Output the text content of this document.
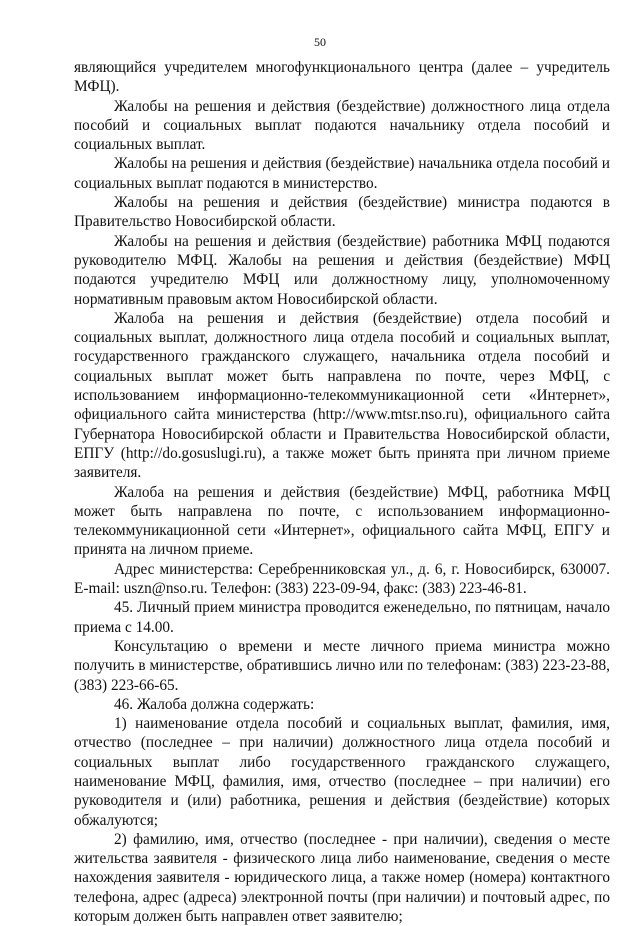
50

являющийся учредителем многофункционального центра (далее – учредитель МФЦ).

Жалобы на решения и действия (бездействие) должностного лица отдела пособий и социальных выплат подаются начальнику отдела пособий и социальных выплат.

Жалобы на решения и действия (бездействие) начальника отдела пособий и социальных выплат подаются в министерство.

Жалобы на решения и действия (бездействие) министра подаются в Правительство Новосибирской области.

Жалобы на решения и действия (бездействие) работника МФЦ подаются руководителю МФЦ. Жалобы на решения и действия (бездействие) МФЦ подаются учредителю МФЦ или должностному лицу, уполномоченному нормативным правовым актом Новосибирской области.

Жалоба на решения и действия (бездействие) отдела пособий и социальных выплат, должностного лица отдела пособий и социальных выплат, государственного гражданского служащего, начальника отдела пособий и социальных выплат может быть направлена по почте, через МФЦ, с использованием информационно-телекоммуникационной сети «Интернет», официального сайта министерства (http://www.mtsr.nso.ru), официального сайта Губернатора Новосибирской области и Правительства Новосибирской области, ЕПГУ (http://do.gosuslugi.ru), а также может быть принята при личном приеме заявителя.

Жалоба на решения и действия (бездействие) МФЦ, работника МФЦ может быть направлена по почте, с использованием информационно-телекоммуникационной сети «Интернет», официального сайта МФЦ, ЕПГУ и принята на личном приеме.

Адрес министерства: Серебренниковская ул., д. 6, г. Новосибирск, 630007. E-mail: uszn@nso.ru. Телефон: (383) 223-09-94, факс: (383) 223-46-81.

45. Личный прием министра проводится еженедельно, по пятницам, начало приема с 14.00.

Консультацию о времени и месте личного приема министра можно получить в министерстве, обратившись лично или по телефонам: (383) 223-23-88, (383) 223-66-65.

46. Жалоба должна содержать:

1) наименование отдела пособий и социальных выплат, фамилия, имя, отчество (последнее – при наличии) должностного лица отдела пособий и социальных выплат либо государственного гражданского служащего, наименование МФЦ, фамилия, имя, отчество (последнее – при наличии) его руководителя и (или) работника, решения и действия (бездействие) которых обжалуются;

2) фамилию, имя, отчество (последнее - при наличии), сведения о месте жительства заявителя - физического лица либо наименование, сведения о месте нахождения заявителя - юридического лица, а также номер (номера) контактного телефона, адрес (адреса) электронной почты (при наличии) и почтовый адрес, по которым должен быть направлен ответ заявителю;
